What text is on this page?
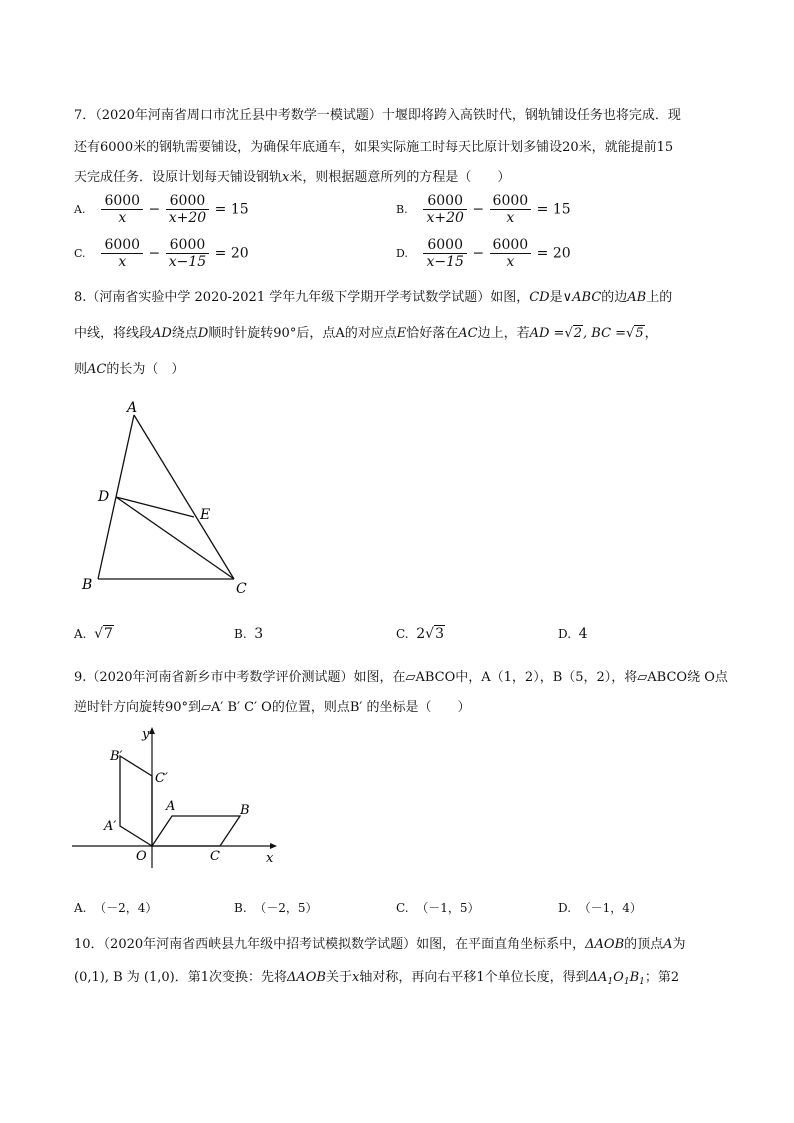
7．（2020年河南省周口市沈丘县中考数学一模试题）十堰即将跨入高铁时代，钢轨铺设任务也将完成．现
还有6000米的钢轨需要铺设，为确保年底通车，如果实际施工时每天比原计划多铺设20米，就能提前15
天完成任务．设原计划每天铺设钢轨x米，则根据题意所列的方程是（　　）
A. $\frac{6000}{x} - \frac{6000}{x+20} = 15$	B. $\frac{6000}{x+20} - \frac{6000}{x} = 15$
C. $\frac{6000}{x} - \frac{6000}{x-15} = 20$	D. $\frac{6000}{x-15} - \frac{6000}{x} = 20$
8.（河南省实验中学 2020-2021 学年九年级下学期开学考试数学试题）如图，CD是∨ABC的边AB上的
中线，将线段AD绕点D顺时针旋转90°后，点A的对应点E恰好落在AC边上，若AD =√2, BC =√5，
则AC的长为（　）
A
D
E
B	C
A. √7	B. 3	C. 2√3	D. 4
9.（2020年河南省新乡市中考数学评价测试题）如图，在▱ABCO中，A（1，2），B（5，2），将▱ABCO绕 O点
逆时针方向旋转90°到▱A′ B′ C′ O的位置，则点B′ 的坐标是（　　）
y
B′
C′
A	B
A′
O	C	x
A. （－2，4）	B. （－2，5）	C. （－1，5）	D. （－1，4）
10．（2020年河南省西峡县九年级中招考试模拟数学试题）如图，在平面直角坐标系中，ΔAOB的顶点A为
(0,1), B 为 (1,0)．第1次变换：先将ΔAOB关于x轴对称，再向右平移1个单位长度，得到$\Delta A_1O_1B_1$；第2
